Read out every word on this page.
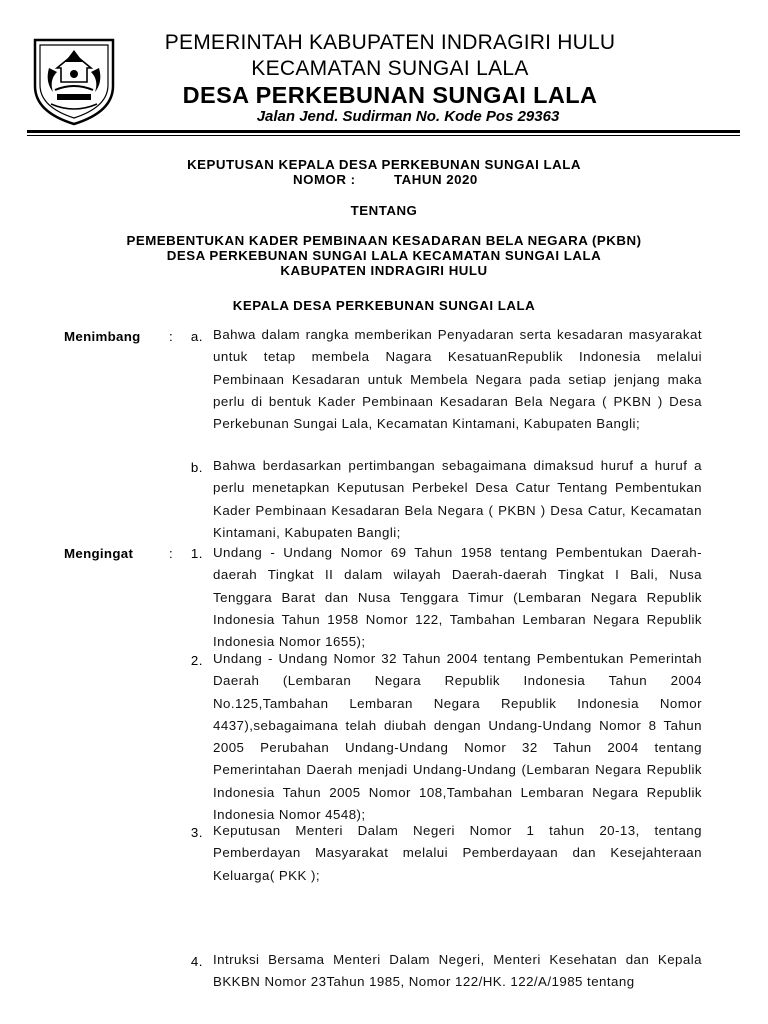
PEMERINTAH KABUPATEN INDRAGIRI HULU
KECAMATAN SUNGAI LALA
DESA PERKEBUNAN SUNGAI LALA
Jalan Jend. Sudirman No. Kode Pos 29363
KEPUTUSAN KEPALA DESA PERKEBUNAN SUNGAI LALA
NOMOR :	TAHUN 2020
TENTANG
PEMEBENTUKAN KADER PEMBINAAN KESADARAN BELA NEGARA (PKBN)
DESA PERKEBUNAN SUNGAI LALA KECAMATAN SUNGAI LALA
KABUPATEN INDRAGIRI HULU
KEPALA DESA PERKEBUNAN SUNGAI LALA
Menimbang :	a. Bahwa dalam rangka memberikan Penyadaran serta kesadaran masyarakat untuk tetap membela Nagara KesatuanRepublik Indonesia melalui Pembinaan Kesadaran untuk Membela Negara pada setiap jenjang maka perlu di bentuk Kader Pembinaan Kesadaran Bela Negara ( PKBN ) Desa Perkebunan Sungai Lala, Kecamatan Kintamani, Kabupaten Bangli;
b. Bahwa berdasarkan pertimbangan sebagaimana dimaksud huruf a huruf a perlu menetapkan Keputusan Perbekel Desa Catur Tentang Pembentukan Kader Pembinaan Kesadaran Bela Negara ( PKBN ) Desa Catur, Kecamatan Kintamani, Kabupaten Bangli;
Mengingat	:	1. Undang - Undang Nomor 69 Tahun 1958 tentang Pembentukan Daerah-daerah Tingkat II dalam wilayah Daerah-daerah Tingkat I Bali, Nusa Tenggara Barat dan Nusa Tenggara Timur (Lembaran Negara Republik Indonesia Tahun 1958 Nomor 122, Tambahan Lembaran Negara Republik Indonesia Nomor 1655);
2. Undang - Undang Nomor 32 Tahun 2004 tentang Pembentukan Pemerintah Daerah (Lembaran Negara Republik Indonesia Tahun 2004 No.125,Tambahan Lembaran Negara Republik Indonesia Nomor 4437),sebagaimana telah diubah dengan Undang-Undang Nomor 8 Tahun 2005 Perubahan Undang-Undang Nomor 32 Tahun 2004 tentang Pemerintahan Daerah menjadi Undang-Undang (Lembaran Negara Republik Indonesia Tahun 2005 Nomor 108,Tambahan Lembaran Negara Republik Indonesia Nomor 4548);
3. Keputusan Menteri Dalam Negeri Nomor 1 tahun 20-13, tentang Pemberdayan Masyarakat melalui Pemberdayaan dan Kesejahteraan Keluarga( PKK );
4. Intruksi Bersama Menteri Dalam Negeri, Menteri Kesehatan dan Kepala BKKBN Nomor 23Tahun 1985, Nomor 122/HK. 122/A/1985 tentang
